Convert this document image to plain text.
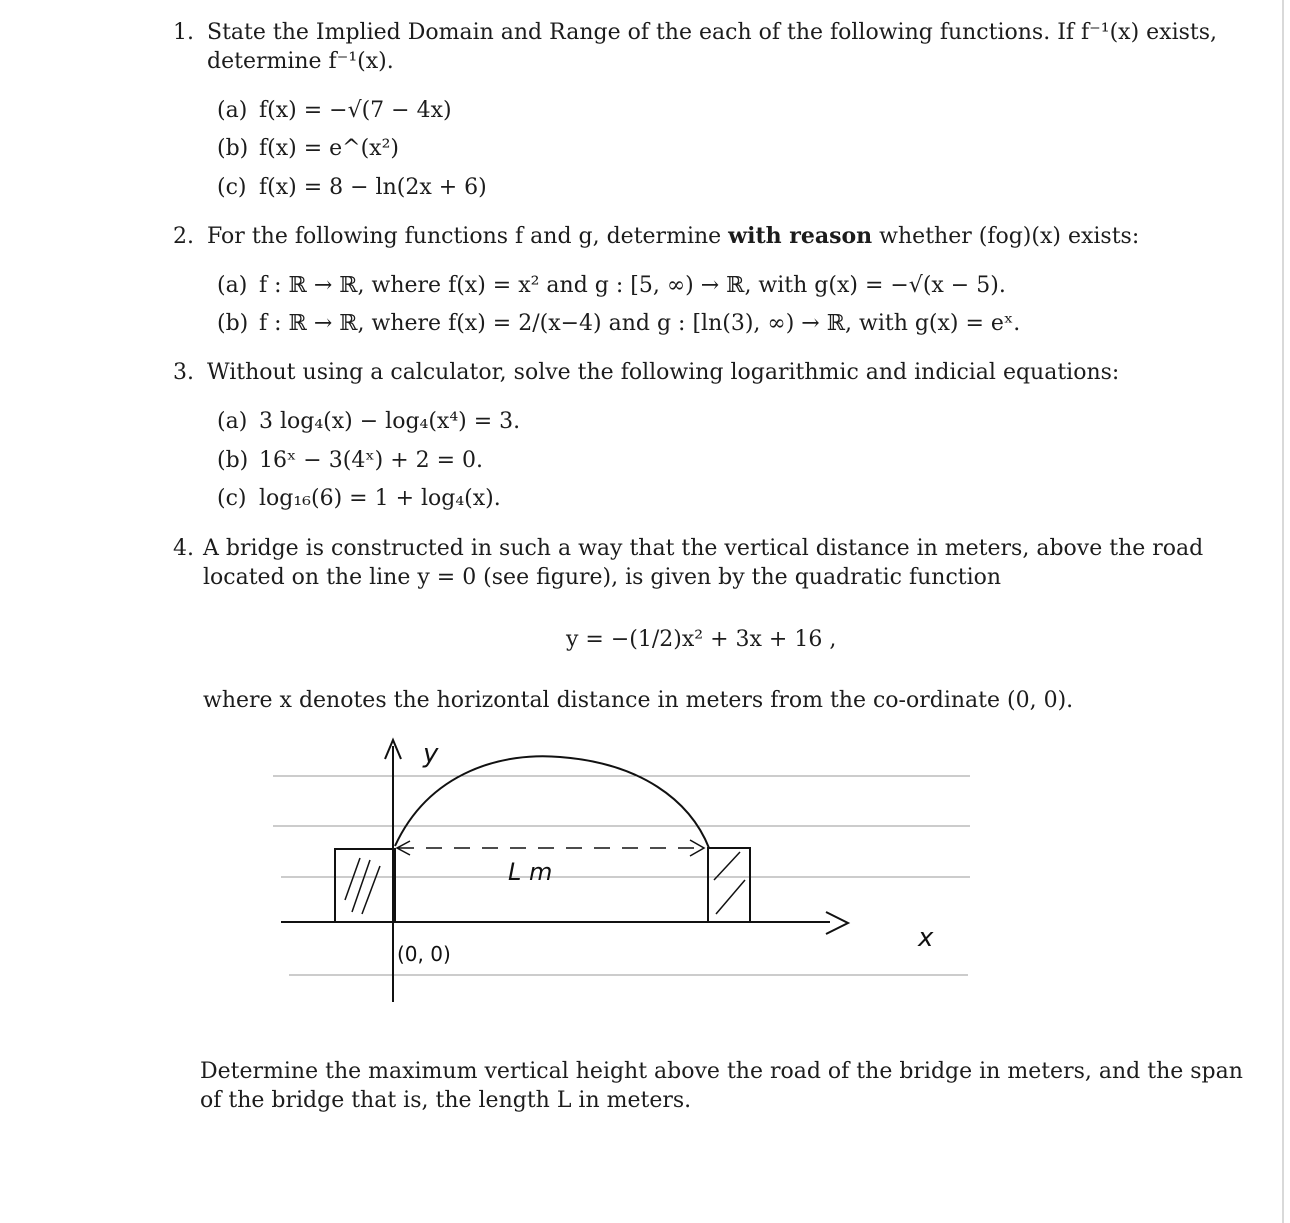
1. State the Implied Domain and Range of the each of the following functions. If f⁻¹(x) exists,
determine f⁻¹(x).
(a) f(x) = −√(7 − 4x)
(b) f(x) = e^(x²)
(c) f(x) = 8 − ln(2x + 6)
2. For the following functions f and g, determine with reason whether (fog)(x) exists:
(a) f : ℝ → ℝ, where f(x) = x² and g : [5, ∞) → ℝ, with g(x) = −√(x − 5).
(b) f : ℝ → ℝ, where f(x) = 2/(x−4) and g : [ln(3), ∞) → ℝ, with g(x) = eˣ.
3. Without using a calculator, solve the following logarithmic and indicial equations:
(a) 3 log₄(x) − log₄(x⁴) = 3.
(b) 16ˣ − 3(4ˣ) + 2 = 0.
(c) log₁₆(6) = 1 + log₄(x).
4. A bridge is constructed in such a way that the vertical distance in meters, above the road
located on the line y = 0 (see figure), is given by the quadratic function
y = −(1/2)x² + 3x + 16 ,
where x denotes the horizontal distance in meters from the co-ordinate (0, 0).
y
x
(0, 0)
L m
Determine the maximum vertical height above the road of the bridge in meters, and the span
of the bridge that is, the length L in meters.
